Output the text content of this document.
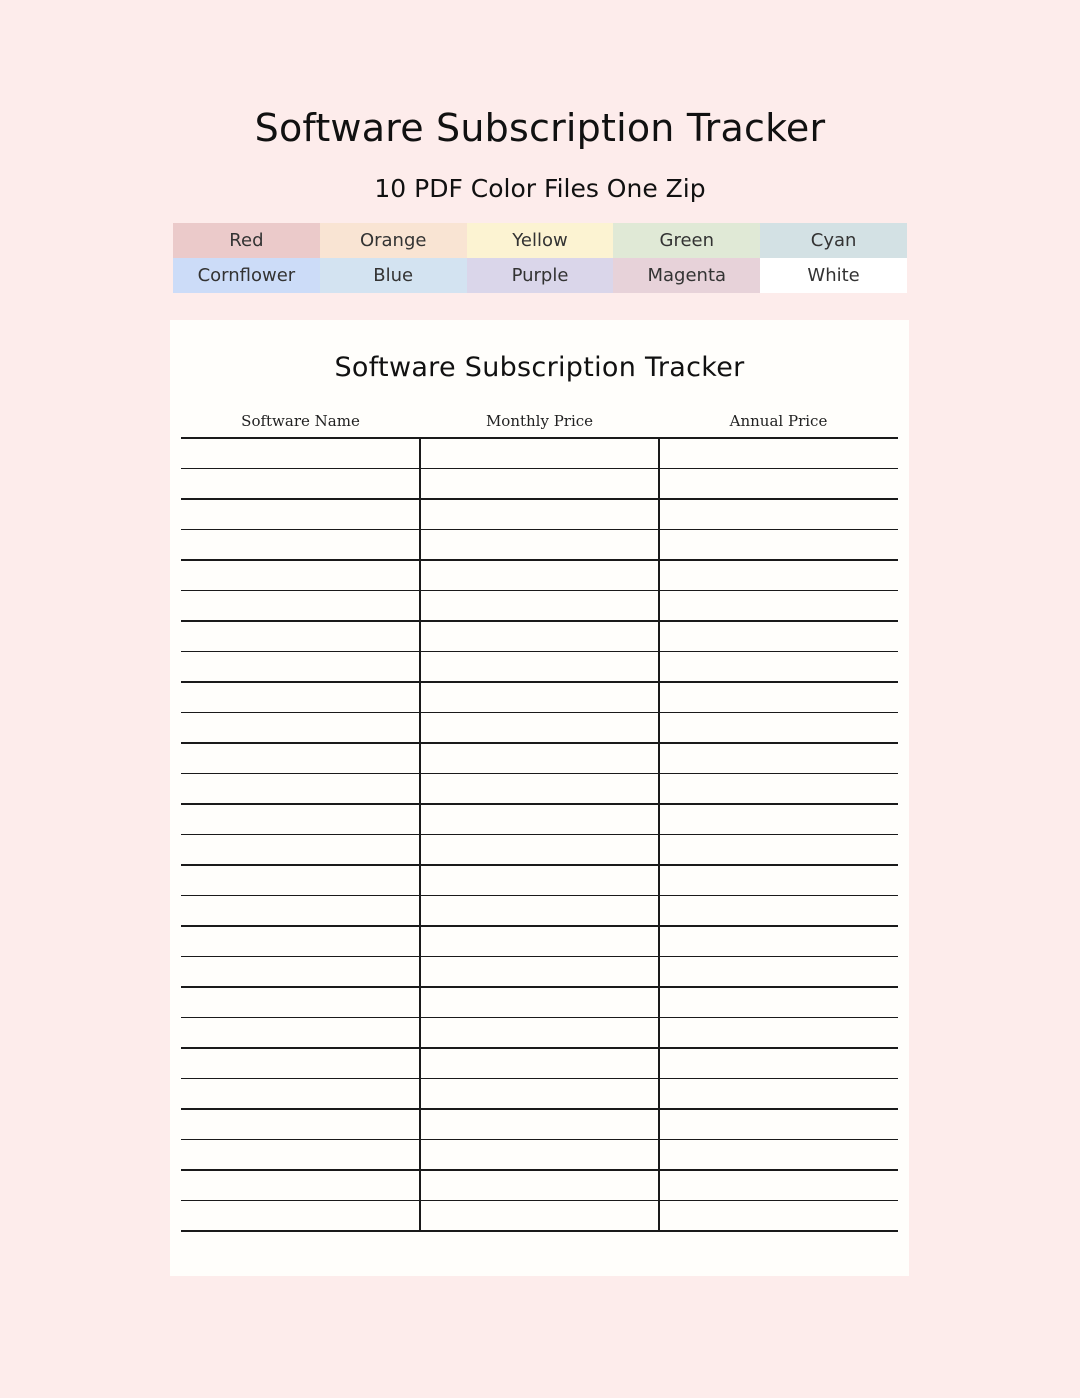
Software Subscription Tracker
10 PDF Color Files One Zip
Red	Orange	Yellow	Green	Cyan
Cornflower	Blue	Purple	Magenta	White
Software Subscription Tracker
Software Name	Monthly Price	Annual Price
